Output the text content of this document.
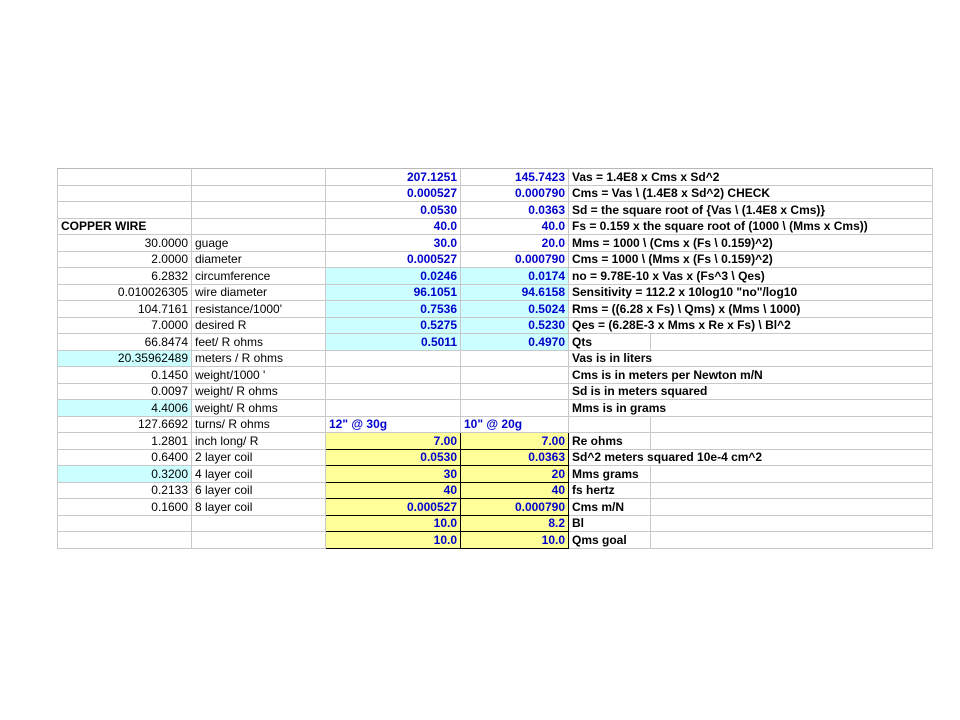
		207.1251	145.7423	Vas = 1.4E8 x Cms x Sd^2	
		0.000527	0.000790	Cms = Vas \ (1.4E8 x Sd^2) CHECK	
		0.0530	0.0363	Sd = the square root of {Vas \ (1.4E8 x Cms)}	
COPPER WIRE		40.0	40.0	Fs = 0.159 x the square root of (1000 \ (Mms x Cms))	
30.0000	guage	30.0	20.0	Mms = 1000 \ (Cms x (Fs \ 0.159)^2)	
2.0000	diameter	0.000527	0.000790	Cms = 1000 \ (Mms x (Fs \ 0.159)^2)	
6.2832	circumference	0.0246	0.0174	no = 9.78E-10 x Vas x (Fs^3 \ Qes)	
0.010026305	wire diameter	96.1051	94.6158	Sensitivity = 112.2 x 10log10 "no"/log10	
104.7161	resistance/1000'	0.7536	0.5024	Rms = ((6.28 x Fs) \ Qms) x (Mms \ 1000)	
7.0000	desired R	0.5275	0.5230	Qes = (6.28E-3 x Mms x Re x Fs) \ Bl^2	
66.8474	feet/ R ohms	0.5011	0.4970	Qts	
20.35962489	meters / R ohms			Vas is in liters	
0.1450	weight/1000 '			Cms is in meters per Newton m/N	
0.0097	weight/ R ohms			Sd is in meters squared	
4.4006	weight/ R ohms			Mms is in grams	
127.6692	turns/ R ohms	12" @ 30g	10" @ 20g		
1.2801	inch long/ R	7.00	7.00	Re ohms	
0.6400	2 layer coil	0.0530	0.0363	Sd^2 meters squared 10e-4 cm^2	
0.3200	4 layer coil	30	20	Mms grams	
0.2133	6 layer coil	40	40	fs hertz	
0.1600	8 layer coil	0.000527	0.000790	Cms m/N	
		10.0	8.2	Bl	
		10.0	10.0	Qms goal	
